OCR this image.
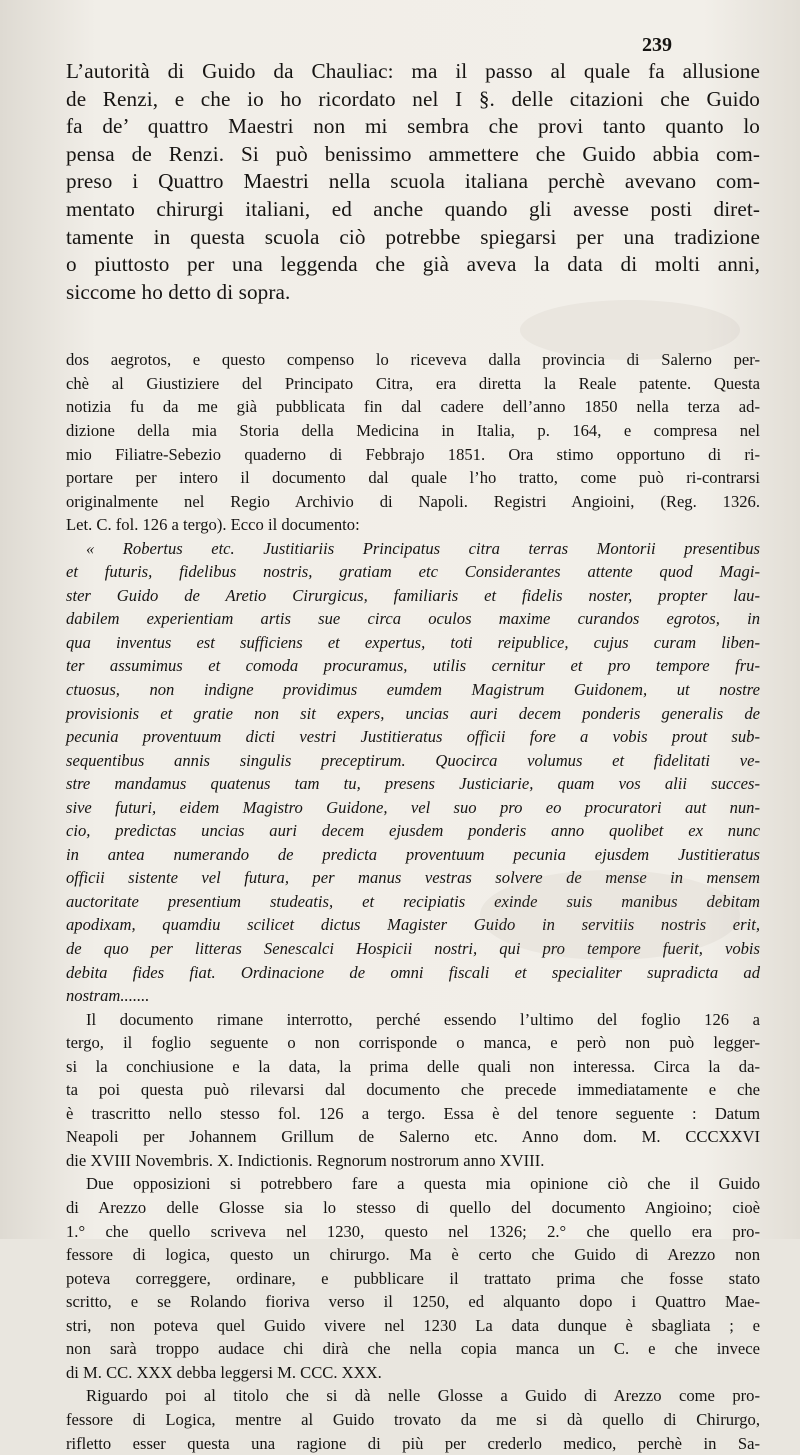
239
L’autorità di Guido da Chauliac: ma il passo al quale fa allusione
de Renzi, e che io ho ricordato nel I §. delle citazioni che Guido
fa de’ quattro Maestri non mi sembra che provi tanto quanto lo
pensa de Renzi. Si può benissimo ammettere che Guido abbia com-
preso i Quattro Maestri nella scuola italiana perchè avevano com-
mentato chirurgi italiani, ed anche quando gli avesse posti diret-
tamente in questa scuola ciò potrebbe spiegarsi per una tradizione
o piuttosto per una leggenda che già aveva la data di molti anni,
siccome ho detto di sopra.
dos aegrotos, e questo compenso lo riceveva dalla provincia di Salerno per-
chè al Giustiziere del Principato Citra, era diretta la Reale patente. Questa
notizia fu da me già pubblicata fin dal cadere dell’anno 1850 nella terza ad-
dizione della mia Storia della Medicina in Italia, p. 164, e compresa nel
mio Filiatre-Sebezio quaderno di Febbrajo 1851. Ora stimo opportuno di ri-
portare per intero il documento dal quale l’ho tratto, come può ri-contrarsi
originalmente nel Regio Archivio di Napoli. Registri Angioini, (Reg. 1326.
Let. C. fol. 126 a tergo). Ecco il documento:
« Robertus etc. Justitiariis Principatus citra terras Montorii presentibus
et futuris, fidelibus nostris, gratiam etc Considerantes attente quod Magi-
ster Guido de Aretio Cirurgicus, familiaris et fidelis noster, propter lau-
dabilem experientiam artis sue circa oculos maxime curandos egrotos, in
qua inventus est sufficiens et expertus, toti reipublice, cujus curam liben-
ter assumimus et comoda procuramus, utilis cernitur et pro tempore fru-
ctuosus, non indigne providimus eumdem Magistrum Guidonem, ut nostre
provisionis et gratie non sit expers, uncias auri decem ponderis generalis de
pecunia proventuum dicti vestri Justitieratus officii fore a vobis prout sub-
sequentibus annis singulis preceptirum. Quocirca volumus et fidelitati ve-
stre mandamus quatenus tam tu, presens Justiciarie, quam vos alii succes-
sive futuri, eidem Magistro Guidone, vel suo pro eo procuratori aut nun-
cio, predictas uncias auri decem ejusdem ponderis anno quolibet ex nunc
in antea numerando de predicta proventuum pecunia ejusdem Justitieratus
officii sistente vel futura, per manus vestras solvere de mense in mensem
auctoritate presentium studeatis, et recipiatis exinde suis manibus debitam
apodixam, quamdiu scilicet dictus Magister Guido in servitiis nostris erit,
de quo per litteras Senescalci Hospicii nostri, qui pro tempore fuerit, vobis
debita fides fiat. Ordinacione de omni fiscali et specialiter supradicta ad
nostram.......
Il documento rimane interrotto, perché essendo l’ultimo del foglio 126 a
tergo, il foglio seguente o non corrisponde o manca, e però non può legger-
si la conchiusione e la data, la prima delle quali non interessa. Circa la da-
ta poi questa può rilevarsi dal documento che precede immediatamente e che
è trascritto nello stesso fol. 126 a tergo. Essa è del tenore seguente : Datum
Neapoli per Johannem Grillum de Salerno etc. Anno dom. M. CCCXXVI
die XVIII Novembris. X. Indictionis. Regnorum nostrorum anno XVIII.
Due opposizioni si potrebbero fare a questa mia opinione ciò che il Guido
di Arezzo delle Glosse sia lo stesso di quello del documento Angioino; cioè
1.° che quello scriveva nel 1230, questo nel 1326; 2.° che quello era pro-
fessore di logica, questo un chirurgo. Ma è certo che Guido di Arezzo non
poteva correggere, ordinare, e pubblicare il trattato prima che fosse stato
scritto, e se Rolando fioriva verso il 1250, ed alquanto dopo i Quattro Mae-
stri, non poteva quel Guido vivere nel 1230 La data dunque è sbagliata ; e
non sarà troppo audace chi dirà che nella copia manca un C. e che invece
di M. CC. XXX debba leggersi M. CCC. XXX.
Riguardo poi al titolo che si dà nelle Glosse a Guido di Arezzo come pro-
fessore di Logica, mentre al Guido trovato da me si dà quello di Chirurgo,
rifletto esser questa una ragione di più per crederlo medico, perchè in Sa-
